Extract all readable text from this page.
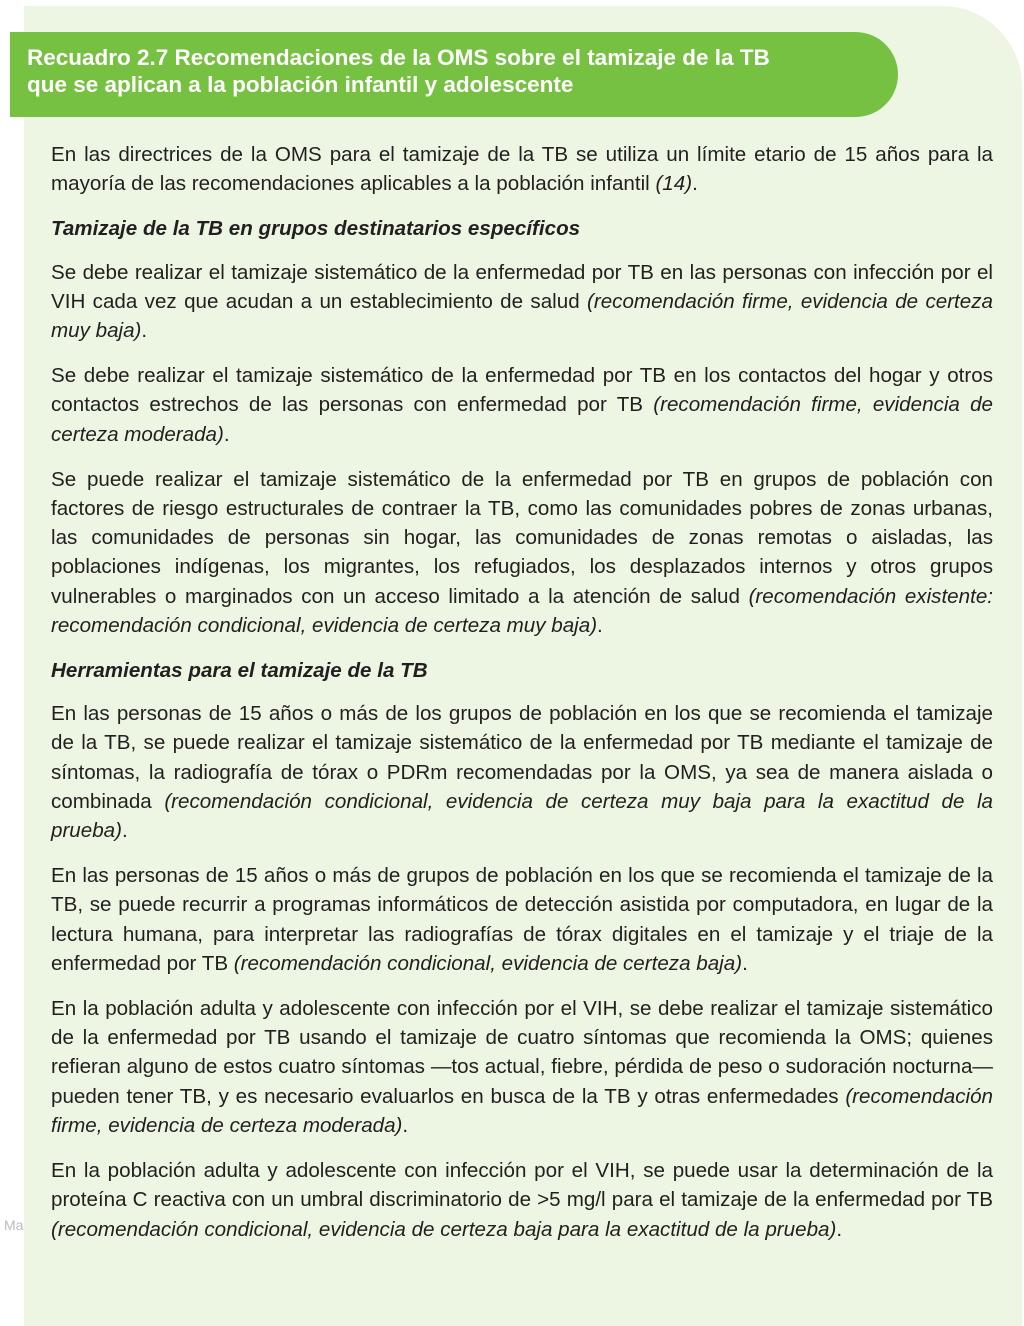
Recuadro 2.7 Recomendaciones de la OMS sobre el tamizaje de la TB
que se aplican a la población infantil y adolescente
Ma

En las directrices de la OMS para el tamizaje de la TB se utiliza un límite etario de 15 años para la mayoría de las recomendaciones aplicables a la población infantil (14).

Tamizaje de la TB en grupos destinatarios específicos

Se debe realizar el tamizaje sistemático de la enfermedad por TB en las personas con infección por el VIH cada vez que acudan a un establecimiento de salud (recomendación firme, evidencia de certeza muy baja).

Se debe realizar el tamizaje sistemático de la enfermedad por TB en los contactos del hogar y otros contactos estrechos de las personas con enfermedad por TB (recomendación firme, evidencia de certeza moderada).

Se puede realizar el tamizaje sistemático de la enfermedad por TB en grupos de población con factores de riesgo estructurales de contraer la TB, como las comunidades pobres de zonas urbanas, las comunidades de personas sin hogar, las comunidades de zonas remotas o aisladas, las poblaciones indígenas, los migrantes, los refugiados, los desplazados internos y otros grupos vulnerables o marginados con un acceso limitado a la atención de salud (recomendación existente: recomendación condicional, evidencia de certeza muy baja).

Herramientas para el tamizaje de la TB

En las personas de 15 años o más de los grupos de población en los que se recomienda el tamizaje de la TB, se puede realizar el tamizaje sistemático de la enfermedad por TB mediante el tamizaje de síntomas, la radiografía de tórax o PDRm recomendadas por la OMS, ya sea de manera aislada o combinada (recomendación condicional, evidencia de certeza muy baja para la exactitud de la prueba).

En las personas de 15 años o más de grupos de población en los que se recomienda el tamizaje de la TB, se puede recurrir a programas informáticos de detección asistida por computadora, en lugar de la lectura humana, para interpretar las radiografías de tórax digitales en el tamizaje y el triaje de la enfermedad por TB (recomendación condicional, evidencia de certeza baja).

En la población adulta y adolescente con infección por el VIH, se debe realizar el tamizaje sistemático de la enfermedad por TB usando el tamizaje de cuatro síntomas que recomienda la OMS; quienes refieran alguno de estos cuatro síntomas —tos actual, fiebre, pérdida de peso o sudoración nocturna— pueden tener TB, y es necesario evaluarlos en busca de la TB y otras enfermedades (recomendación firme, evidencia de certeza moderada).

En la población adulta y adolescente con infección por el VIH, se puede usar la determinación de la proteína C reactiva con un umbral discriminatorio de >5 mg/l para el tamizaje de la enfermedad por TB (recomendación condicional, evidencia de certeza baja para la exactitud de la prueba).
